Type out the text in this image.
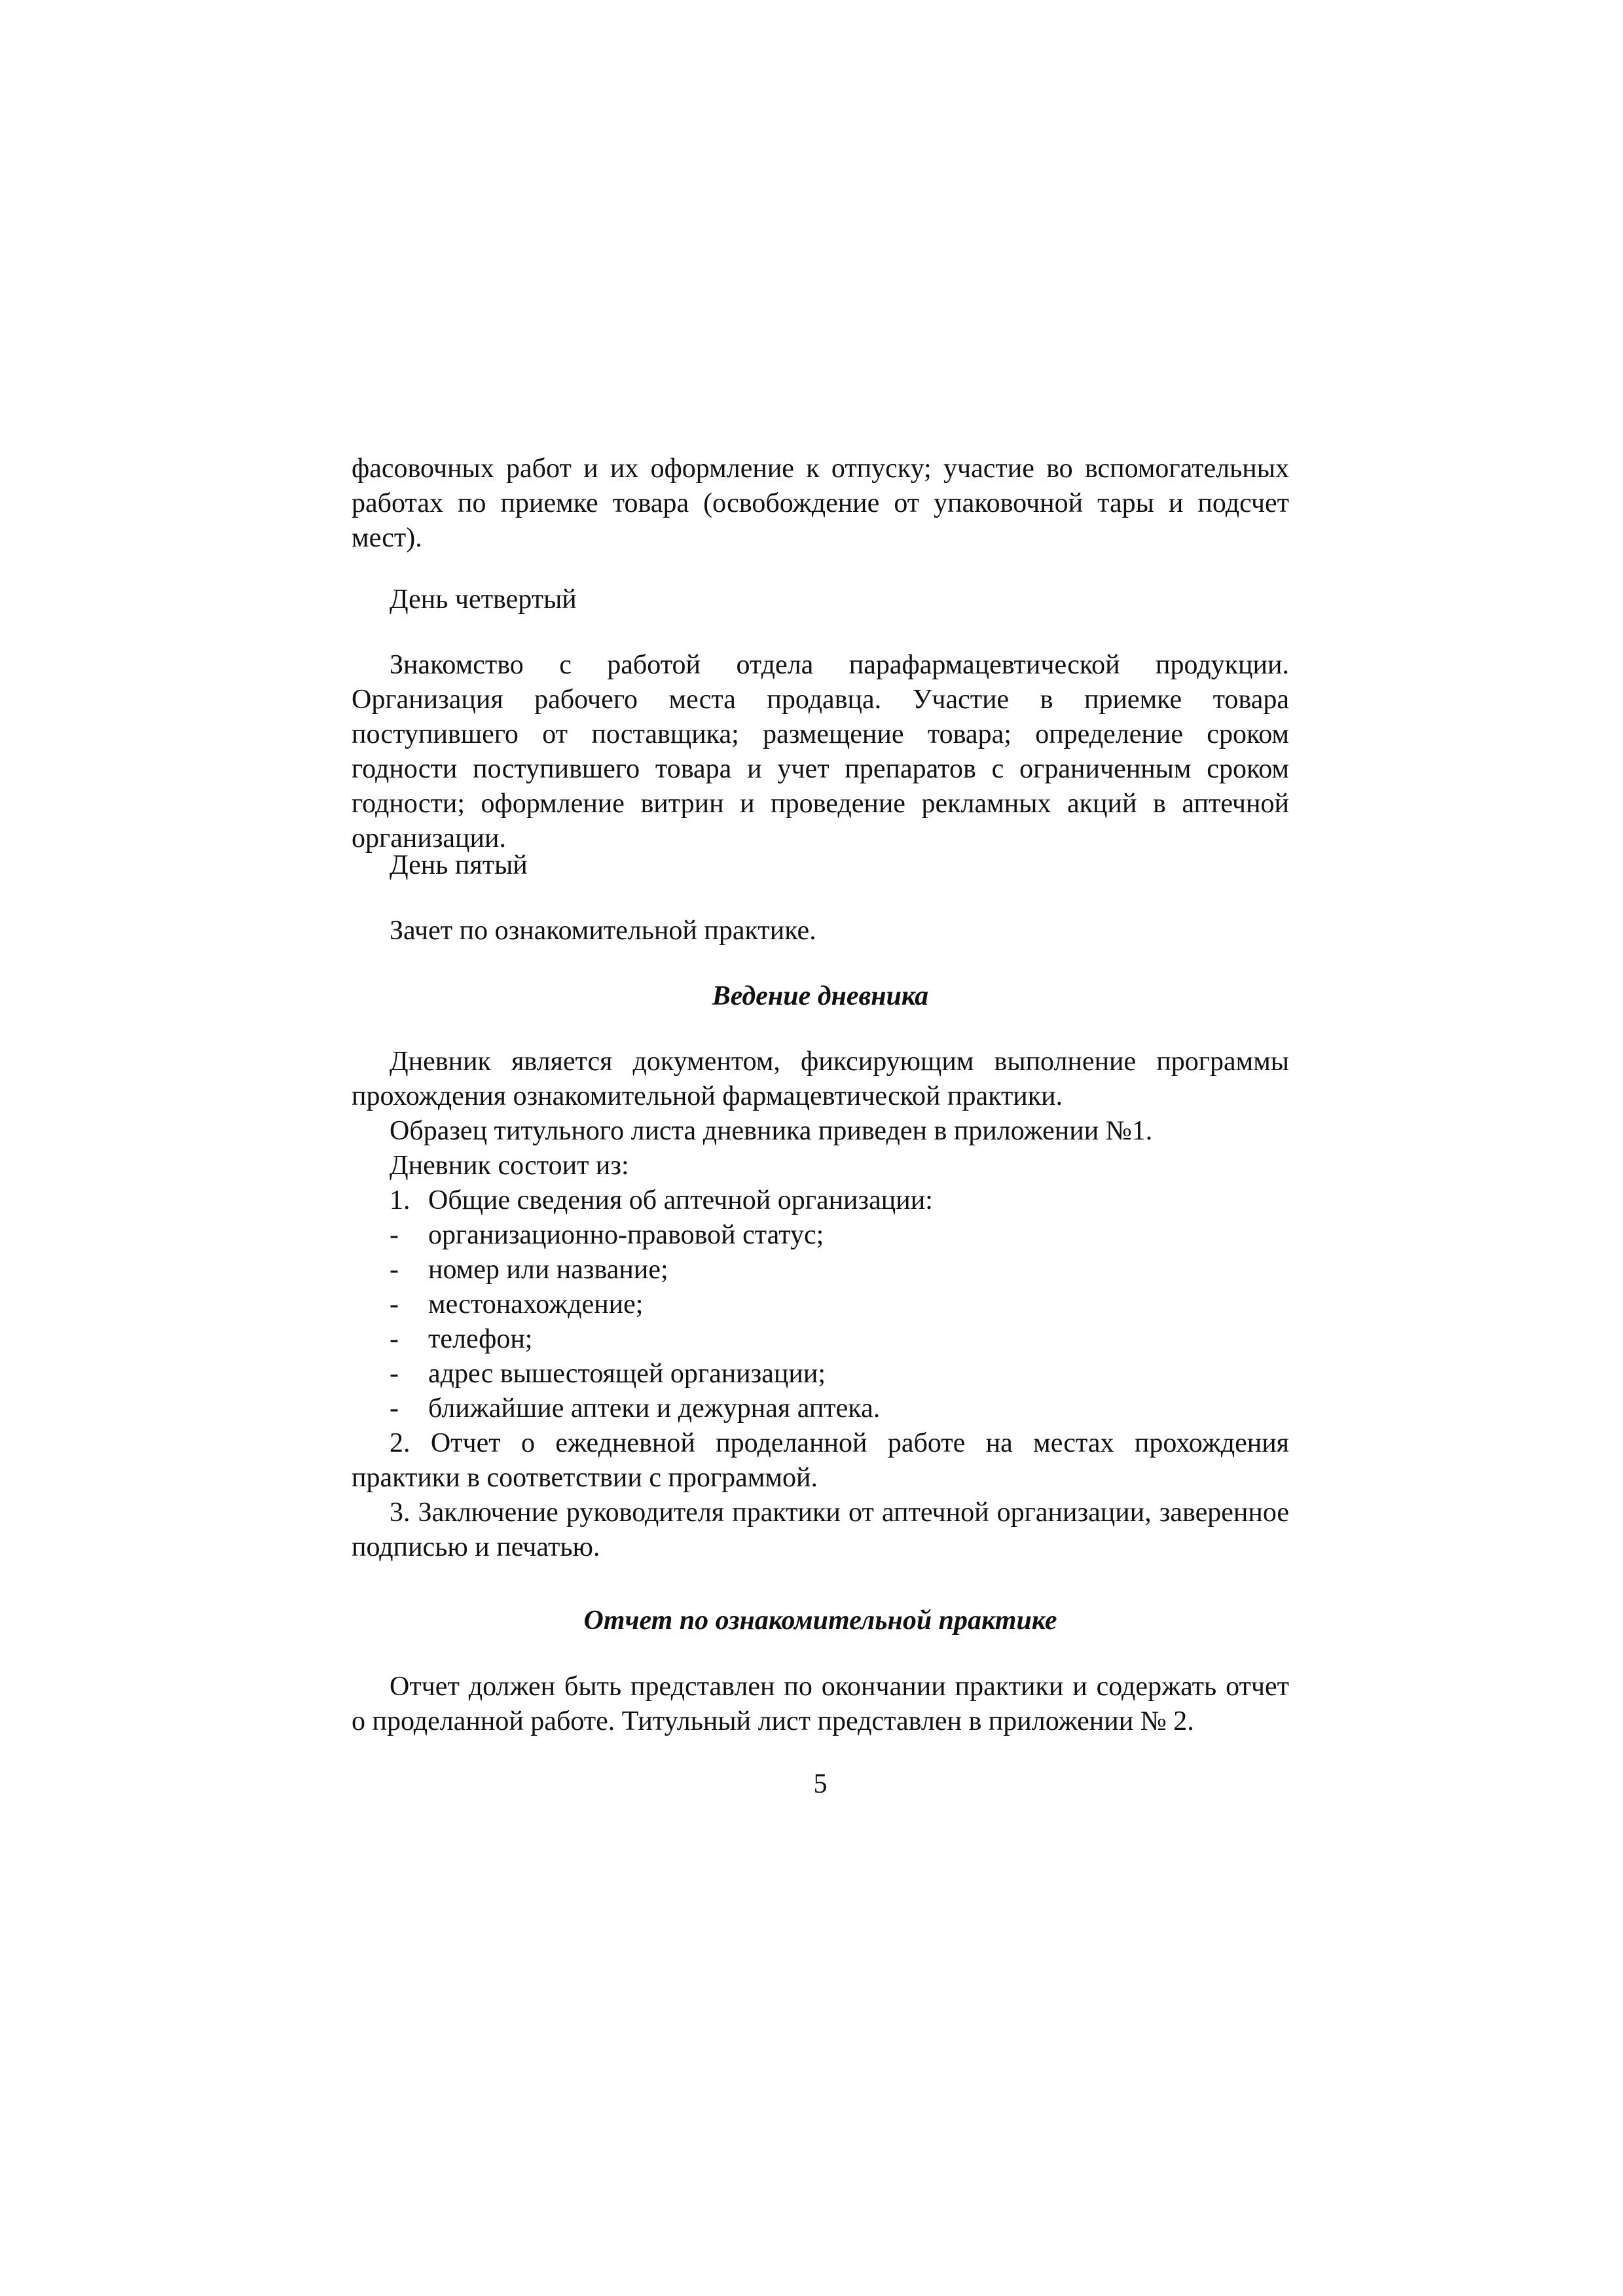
фасовочных работ и их оформление к отпуску; участие во вспомогательных работах по приемке товара (освобождение от упаковочной тары и подсчет мест).

День четвертый

Знакомство с работой отдела парафармацевтической продукции. Организация рабочего места продавца. Участие в приемке товара поступившего от поставщика; размещение товара; определение сроком годности поступившего товара и учет препаратов с ограниченным сроком годности; оформление витрин и проведение рекламных акций в аптечной организации.

День пятый

Зачет по ознакомительной практике.

Ведение дневника

Дневник является документом, фиксирующим выполнение программы прохождения ознакомительной фармацевтической практики.

Образец титульного листа дневника приведен в приложении №1.

Дневник состоит из:

1. Общие сведения об аптечной организации:
- организационно-правовой статус;
- номер или название;
- местонахождение;
- телефон;
- адрес вышестоящей организации;
- ближайшие аптеки и дежурная аптека.

2. Отчет о ежедневной проделанной работе на местах прохождения практики в соответствии с программой.

3. Заключение руководителя практики от аптечной организации, заверенное подписью и печатью.

Отчет по ознакомительной практике

Отчет должен быть представлен по окончании практики и содержать отчет о проделанной работе. Титульный лист представлен в приложении № 2.

5
